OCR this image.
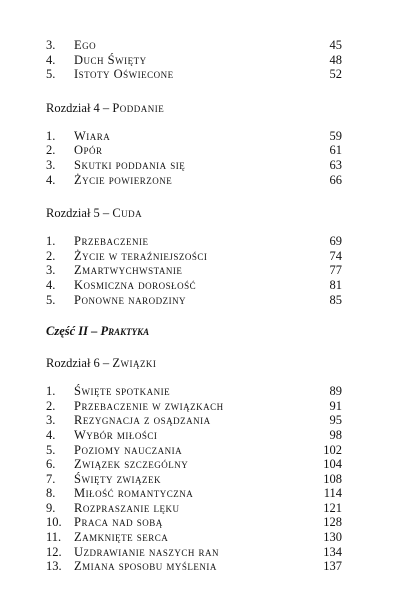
3.	Ego	45
4.	Duch Święty	48
5.	Istoty Oświecone	52
Rozdział 4 – Poddanie
1.	Wiara	59
2.	Opór	61
3.	Skutki poddania się	63
4.	Życie powierzone	66
Rozdział 5 – Cuda
1.	Przebaczenie	69
2.	Życie w teraźniejszości	74
3.	Zmartwychwstanie	77
4.	Kosmiczna dorosłość	81
5.	Ponowne narodziny	85
Część II – Praktyka
Rozdział 6 – Związki
1.	Święte spotkanie	89
2.	Przebaczenie w związkach	91
3.	Rezygnacja z osądzania	95
4.	Wybór miłości	98
5.	Poziomy nauczania	102
6.	Związek szczególny	104
7.	Święty związek	108
8.	Miłość romantyczna	114
9.	Rozpraszanie lęku	121
10. Praca nad sobą	128
11.	Zamknięte serca	130
12. Uzdrawianie naszych ran	134
13. Zmiana sposobu myślenia	137
